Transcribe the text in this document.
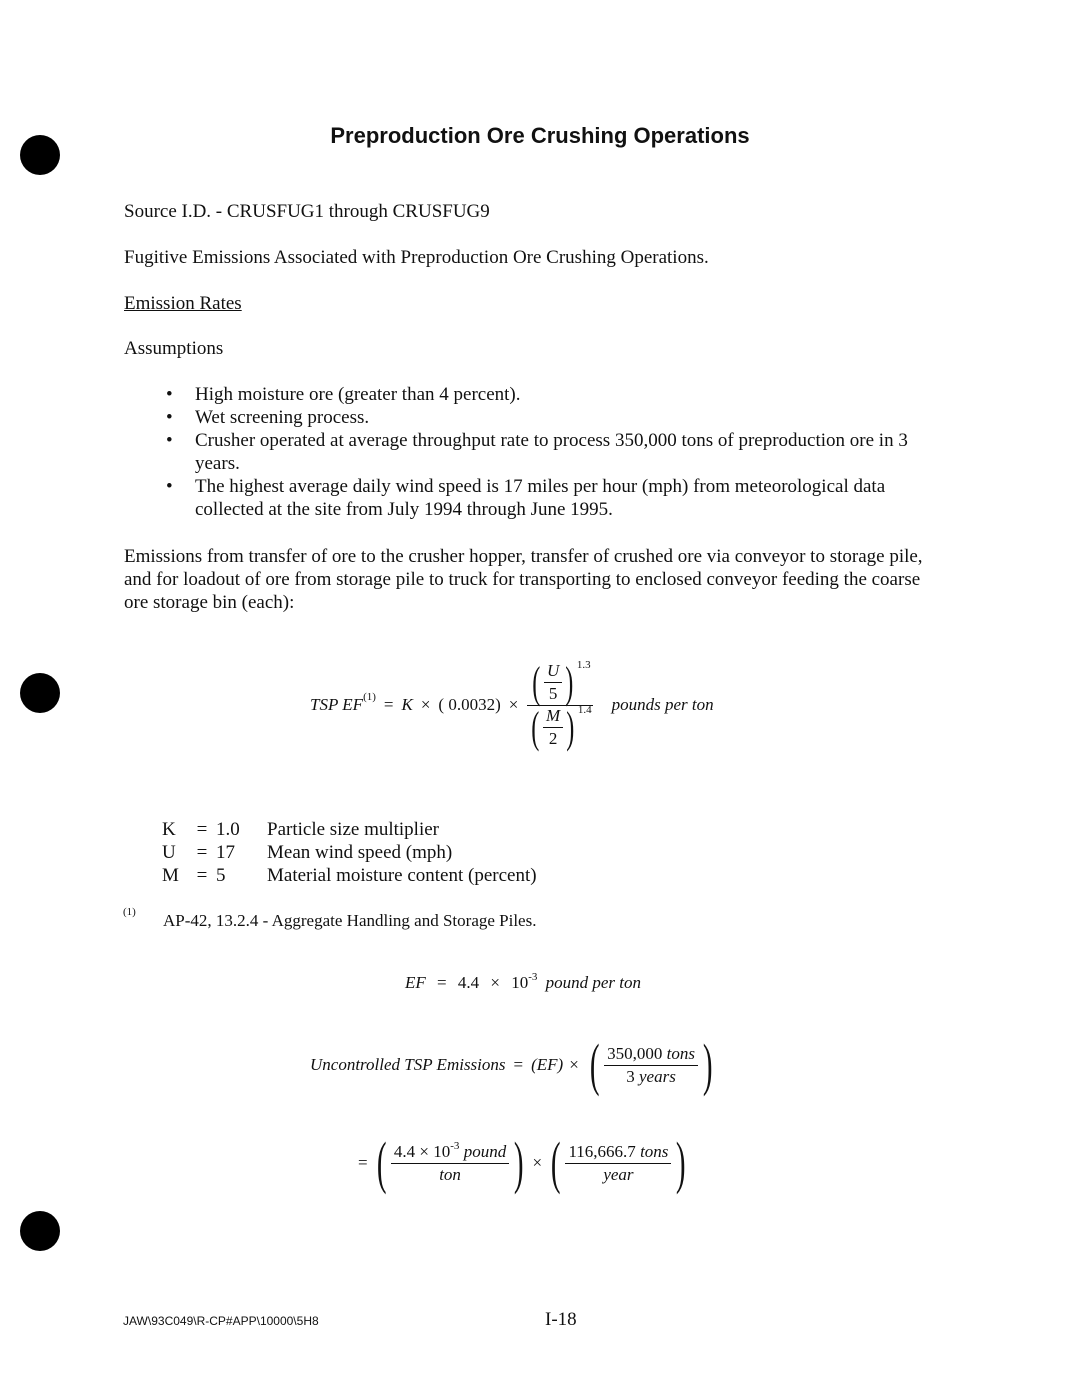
Preproduction Ore Crushing Operations
Source I.D. - CRUSFUG1 through CRUSFUG9
Fugitive Emissions Associated with Preproduction Ore Crushing Operations.
Emission Rates
Assumptions
• High moisture ore (greater than 4 percent).
• Wet screening process.
• Crusher operated at average throughput rate to process 350,000 tons of preproduction ore in 3 years.
• The highest average daily wind speed is 17 miles per hour (mph) from meteorological data collected at the site from July 1994 through June 1995.
Emissions from transfer of ore to the crusher hopper, transfer of crushed ore via conveyor to storage pile, and for loadout of ore from storage pile to truck for transporting to enclosed conveyor feeding the coarse ore storage bin (each):
TSP $EF^{(1)} = K$ × ( $0.0032) \times \frac{( \frac{U}{5} ) ^{1.3}}{( \frac{M}{2} ) ^{1.4}}$ pounds per ton
K	=	1.0	Particle size multiplier
U	=	17	Mean wind speed (mph)
M	=	5	Material moisture content (percent)
(1) AP-42, 13.2.4 - Aggregate Handling and Storage Piles.
EF = $4.4 \times 10^{-3}$ pound per ton
Uncontrolled TSP Emissions = (EF) × ( $\frac{\text{350,000 tons}}{\text{3 years}}$ )
= ( $\frac{4.4 \times 10^{-3} pound}{\text{ton}}$ ) × ( $\frac{\text{116,666.7 tons}}{\text{year}}$ )
JAW\93C049\R-CP#APP\10000\5H8	I-18
